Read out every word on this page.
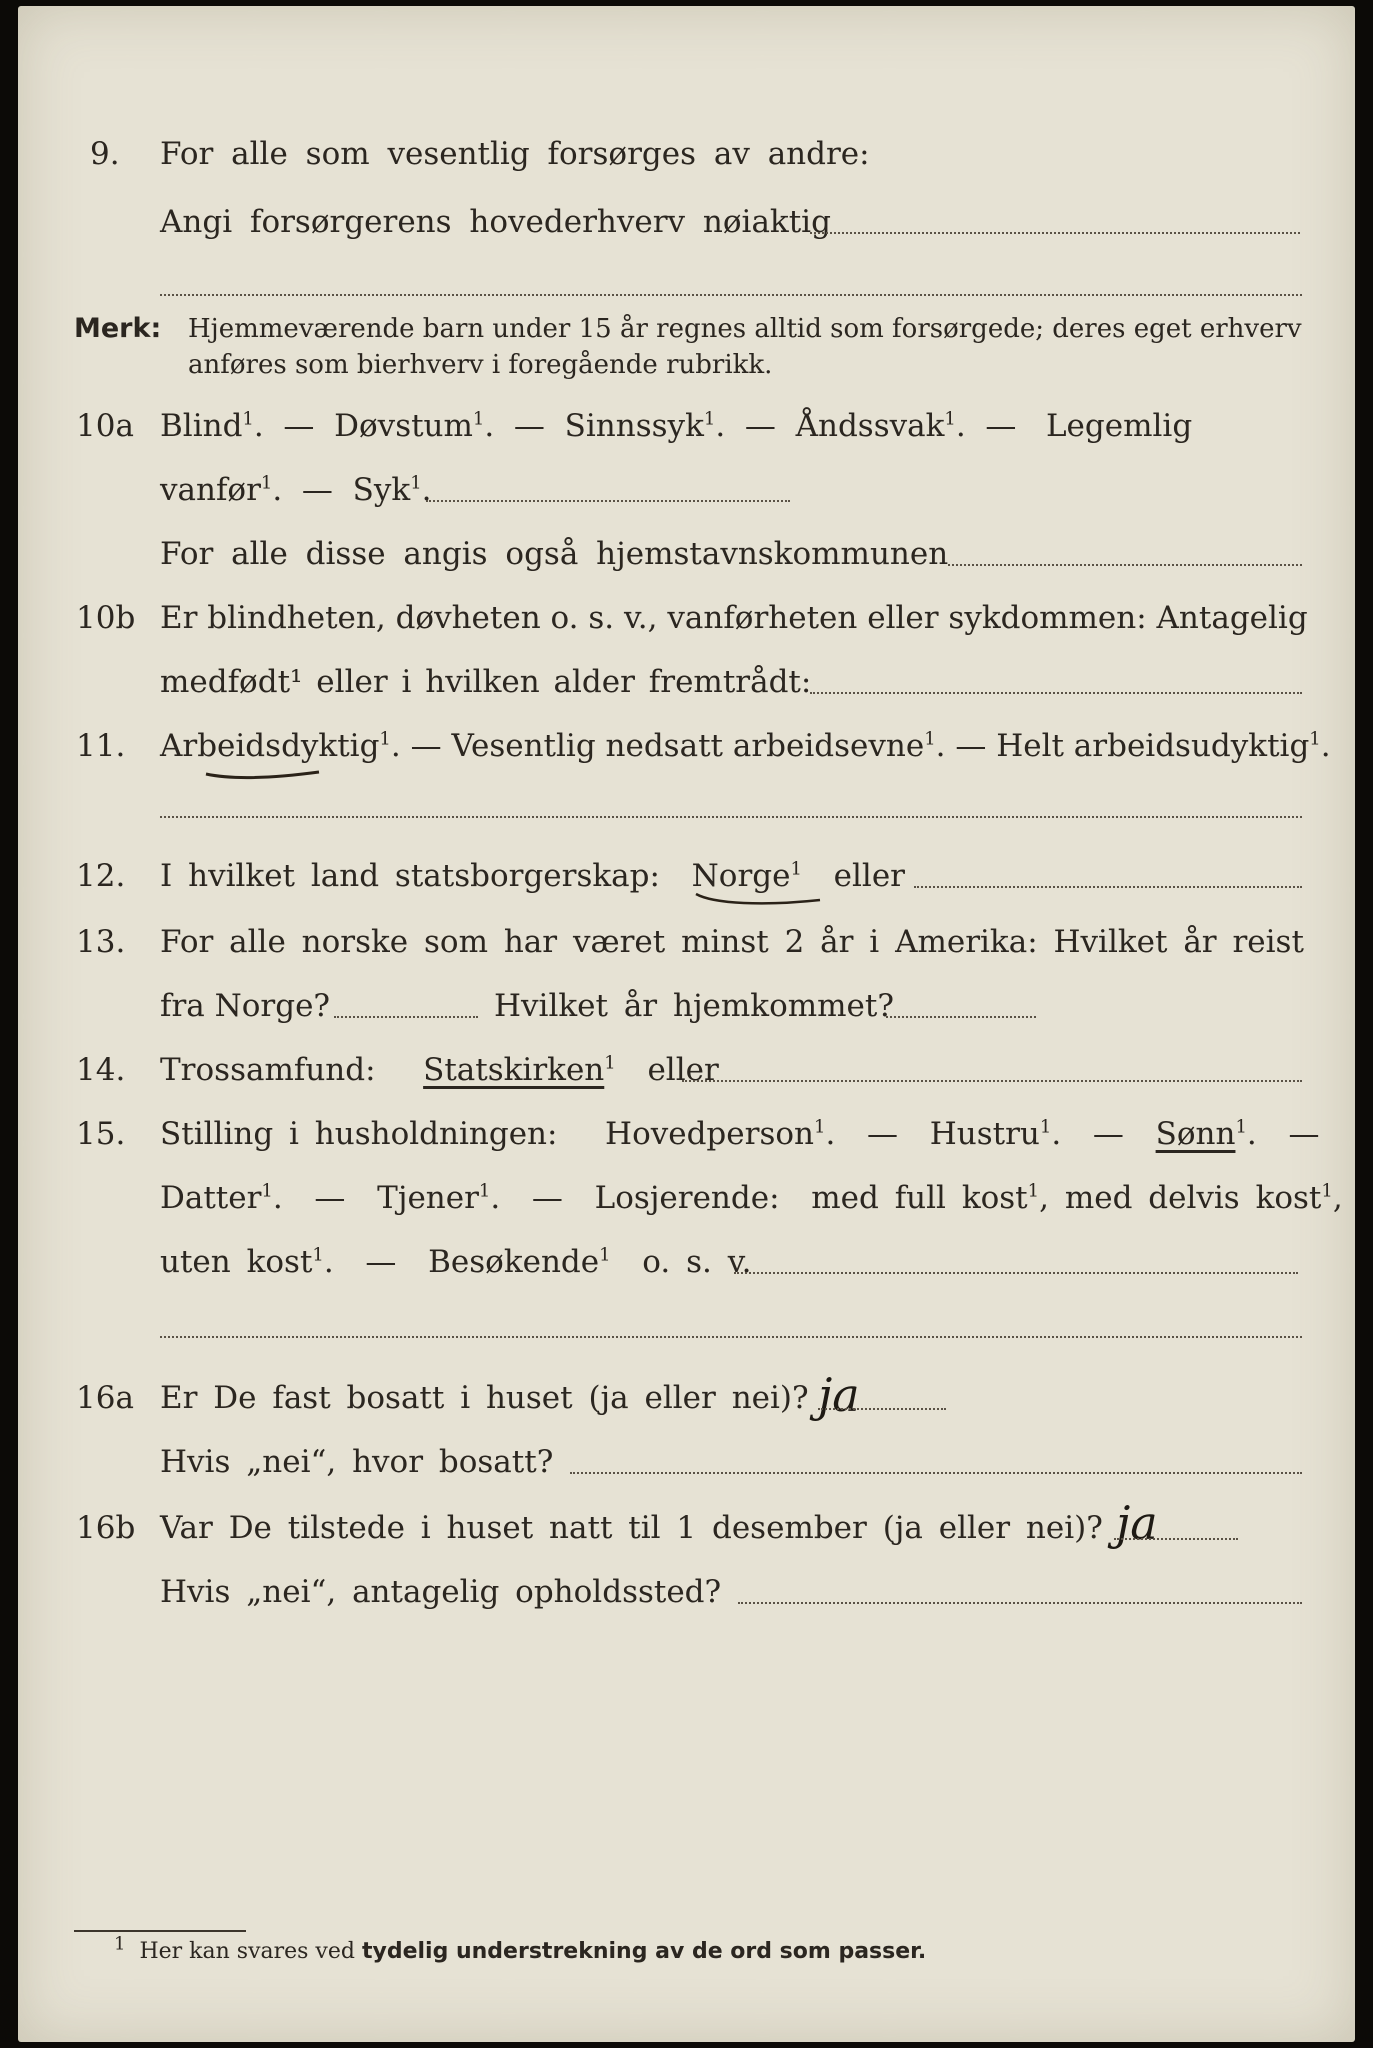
9. For alle som vesentlig forsørges av andre:
Angi forsørgerens hovederhverv nøiaktig
Merk: Hjemmeværende barn under 15 år regnes alltid som forsørgede; deres eget erhverv
anføres som bierhverv i foregående rubrikk.
10a Blind$^1$.  —  Døvstum$^1$.  —  Sinnssyk$^1$.  —  Åndssvak$^1$.  —   Legemlig
vanfør$^1$.  —  Syk$^1$.
For alle disse angis også hjemstavnskommunen
10b Er blindheten, døvheten o. s. v., vanførheten eller sykdommen: Antagelig
medfødt¹ eller i hvilken alder fremtrådt:
11. Arbeidsdyktig$^1$. — Vesentlig nedsatt arbeidsevne$^1$. — Helt arbeidsudyktig$^1$.
12. I hvilket land statsborgerskap: Norge$^1$ eller
13. For alle norske som har været minst 2 år i Amerika: Hvilket år reist
fra Norge?	Hvilket år hjemkommet?
14. Trossamfund: Statskirken$^1$ eller
15. Stilling i husholdningen: Hovedperson$^1$.  —  Hustru$^1$.  —  Sønn$^1$.  —
Datter$^1$.  —  Tjener$^1$.  —  Losjerende: med full kost$^1$, med delvis kost$^1$,
uten kost$^1$.  —  Besøkende$^1$ o. s. v.
16a Er De fast bosatt i huset (ja eller nei)? ja
Hvis „nei“, hvor bosatt?
16b Var De tilstede i huset natt til 1 desember (ja eller nei)? ja
Hvis „nei“, antagelig opholdssted?
$^1$ Her kan svares ved tydelig understrekning av de ord som passer.
